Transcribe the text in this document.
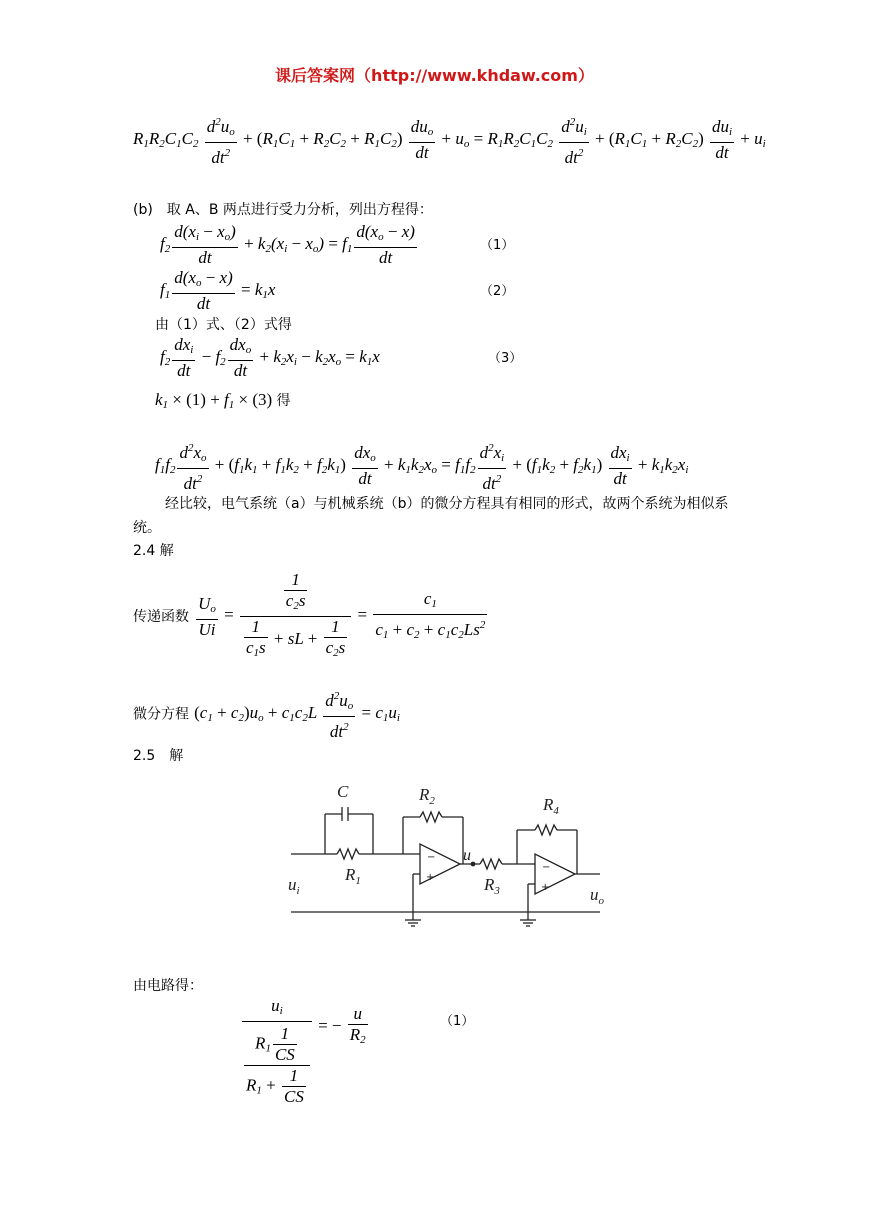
课后答案网（http://www.khdaw.com）
$R_1R_2C_1C_2 \frac{d^2u_o}{dt^2} + (R_1C_1 + R_2C_2 + R_1C_2) \frac{du_o}{dt} + u_o = R_1R_2C_1C_2 \frac{d^2u_i}{dt^2} + (R_1C_1 + R_2C_2) \frac{du_i}{dt} + u_i$
(b)　取 A、B 两点进行受力分析，列出方程得：
$f_2 \frac{d(x_i - x_o)}{dt} + k_2(x_i - x_o) = f_1 \frac{d(x_o - x)}{dt}$	（1）
$f_1 \frac{d(x_o - x)}{dt} = k_1x$	（2）
由（1）式、（2）式得
$f_2 \frac{dx_i}{dt} - f_2 \frac{dx_o}{dt} + k_2x_i - k_2x_o = k_1x$	（3）
$k_1 \times (1) + f_1 \times (3)$ 得
$f_1f_2 \frac{d^2x_o}{dt^2} + (f_1k_1 + f_1k_2 + f_2k_1) \frac{dx_o}{dt} + k_1k_2x_o = f_1f_2 \frac{d^2x_i}{dt^2} + (f_1k_2 + f_2k_1) \frac{dx_i}{dt} + k_1k_2x_i$
经比较，电气系统（a）与机械系统（b）的微分方程具有相同的形式，故两个系统为相似系统。
2.4 解
传递函数 $\frac{U_o}{Ui} = \frac{\frac{1}{c_2s}}{\frac{1}{c_1s} + sL + \frac{1}{c_2s}} = \frac{c_1}{c_1 + c_2 + c_1c_2Ls^2}$
微分方程 $(c_1 + c_2)u_o + c_1c_2L \frac{d^2u_o}{dt^2} = c_1u_i$
2.5　解
−
+
−
+
C	$R_2$	$R_4$
$R_1$	$R_3$
u
$u_i$	$u_o$
由电路得：
$\frac{u_i}{\frac{R_1 \frac{1}{CS}}{R_1 + \frac{1}{CS}}}$ = − $\frac{u}{R_2}$	（1）
